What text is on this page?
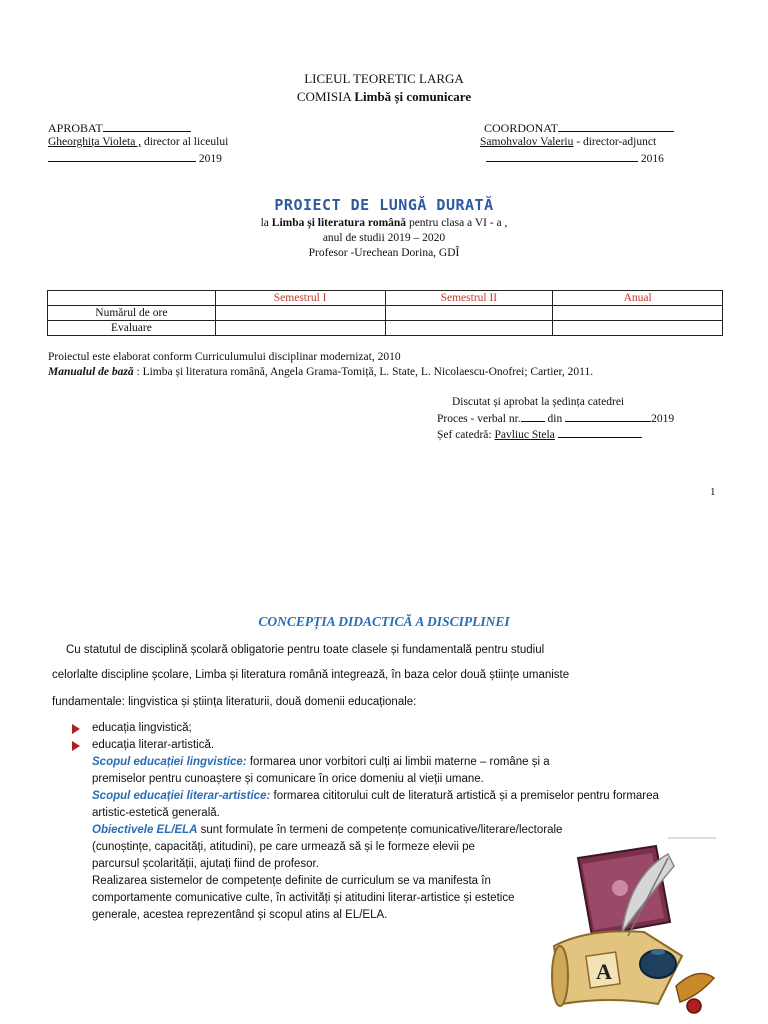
LICEUL TEORETIC LARGA
COMISIA Limbă și comunicare
APROBAT
Gheorghița Violeta , director al liceului
2019
COORDONAT
Samohvalov Valeriu - director-adjunct
2016
PROIECT DE LUNGĂ DURATĂ
la Limba și literatura română pentru clasa a VI - a ,
anul de studii 2019 – 2020
Profesor -Urechean Dorina, GDÎ
	Semestrul I	Semestrul II	Anual
Numărul de ore			
Evaluare			
Proiectul este elaborat conform Curriculumului disciplinar modernizat, 2010
Manualul de bază : Limba și literatura română, Angela Grama-Tomiță, L. State, L. Nicolaescu-Onofrei; Cartier, 2011.
Discutat și aprobat la ședința catedrei
Proces - verbal nr. din	2019
Șef catedră: Pavliuc Stela
1
CONCEPȚIA DIDACTICĂ A DISCIPLINEI
Cu statutul de disciplină școlară obligatorie pentru toate clasele și fundamentală pentru studiul
celorlalte discipline școlare, Limba și literatura română integrează, în baza celor două științe umaniste
fundamentale: lingvistica și știința literaturii, două domenii educaționale:
educația lingvistică;
educația literar-artistică.
Scopul educației lingvistice: formarea unor vorbitori culți ai limbii materne – române și a
premiselor pentru cunoaștere și comunicare în orice domeniu al vieții umane.
Scopul educației literar-artistice: formarea cititorului cult de literatură artistică și a premiselor pentru formarea
artistic-estetică generală.
Obiectivele EL/ELA sunt formulate în termeni de competențe comunicative/literare/lectorale
(cunoștințe, capacități, atitudini), pe care urmează să și le formeze elevii pe
parcursul școlarității, ajutați fiind de profesor.
Realizarea sistemelor de competențe definite de curriculum se va manifesta în
comportamente comunicative culte, în activități și atitudini literar-artistice și estetice
generale, acestea reprezentând și scopul atins al EL/ELA.
A
